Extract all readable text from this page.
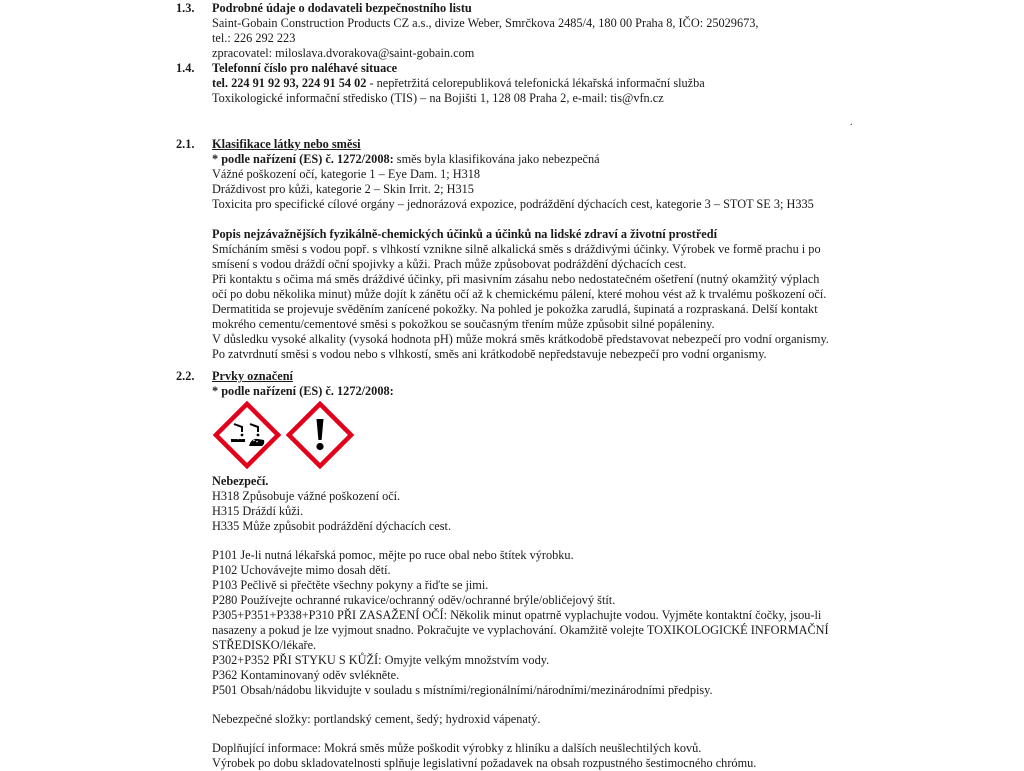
1.3.	Podrobné údaje o dodavateli bezpečnostního listu
Saint-Gobain Construction Products CZ a.s., divize Weber, Smrčkova 2485/4, 180 00 Praha 8, IČO: 25029673,
tel.: 226 292 223
zpracovatel: miloslava.dvorakova@saint-gobain.com
1.4.	Telefonní číslo pro naléhavé situace
tel. 224 91 92 93, 224 91 54 02 - nepřetržitá celorepubliková telefonická lékařská informační služba
Toxikologické informační středisko (TIS) – na Bojišti 1, 128 08 Praha 2, e-mail: tis@vfn.cz
.
2.1.	Klasifikace látky nebo směsi
* podle nařízení (ES) č. 1272/2008: směs byla klasifikována jako nebezpečná
Vážné poškození očí, kategorie 1 – Eye Dam. 1; H318
Dráždivost pro kůži, kategorie 2 – Skin Irrit. 2; H315
Toxicita pro specifické cílové orgány – jednorázová expozice, podráždění dýchacích cest, kategorie 3 – STOT SE 3; H335
Popis nejzávažnějších fyzikálně-chemických účinků a účinků na lidské zdraví a životní prostředí
Smícháním směsi s vodou popř. s vlhkostí vznikne silně alkalická směs s dráždivými účinky. Výrobek ve formě prachu i po
smísení s vodou dráždí oční spojivky a kůži. Prach může způsobovat podráždění dýchacích cest.
Při kontaktu s očima má směs dráždivé účinky, při masivním zásahu nebo nedostatečném ošetření (nutný okamžitý výplach
očí po dobu několika minut) může dojít k zánětu očí až k chemickému pálení, které mohou vést až k trvalému poškození očí.
Dermatitida se projevuje svěděním zanícené pokožky. Na pohled je pokožka zarudlá, šupinatá a rozpraskaná. Delší kontakt
mokrého cementu/cementové směsi s pokožkou se současným třením může způsobit silné popáleniny.
V důsledku vysoké alkality (vysoká hodnota pH) může mokrá směs krátkodobě představovat nebezpečí pro vodní organismy.
Po zatvrdnutí směsi s vodou nebo s vlhkostí, směs ani krátkodobě nepředstavuje nebezpečí pro vodní organismy.
2.2.	Prvky označení
* podle nařízení (ES) č. 1272/2008:
Nebezpečí.
H318 Způsobuje vážné poškození očí.
H315 Dráždí kůži.
H335 Může způsobit podráždění dýchacích cest.
P101 Je-li nutná lékařská pomoc, mějte po ruce obal nebo štítek výrobku.
P102 Uchovávejte mimo dosah dětí.
P103 Pečlivě si přečtěte všechny pokyny a řiďte se jimi.
P280 Používejte ochranné rukavice/ochranný oděv/ochranné brýle/obličejový štít.
P305+P351+P338+P310 PŘI ZASAŽENÍ OČÍ: Několik minut opatrně vyplachujte vodou. Vyjměte kontaktní čočky, jsou-li
nasazeny a pokud je lze vyjmout snadno. Pokračujte ve vyplachování. Okamžitě volejte TOXIKOLOGICKÉ INFORMAČNÍ
STŘEDISKO/lékaře.
P302+P352 PŘI STYKU S KŮŽÍ: Omyjte velkým množstvím vody.
P362 Kontaminovaný oděv svlékněte.
P501 Obsah/nádobu likvidujte v souladu s místními/regionálními/národními/mezinárodními předpisy.
Nebezpečné složky: portlandský cement, šedý; hydroxid vápenatý.
Doplňující informace: Mokrá směs může poškodit výrobky z hliníku a dalších neušlechtilých kovů.
Výrobek po dobu skladovatelnosti splňuje legislativní požadavek na obsah rozpustného šestimocného chrómu.
